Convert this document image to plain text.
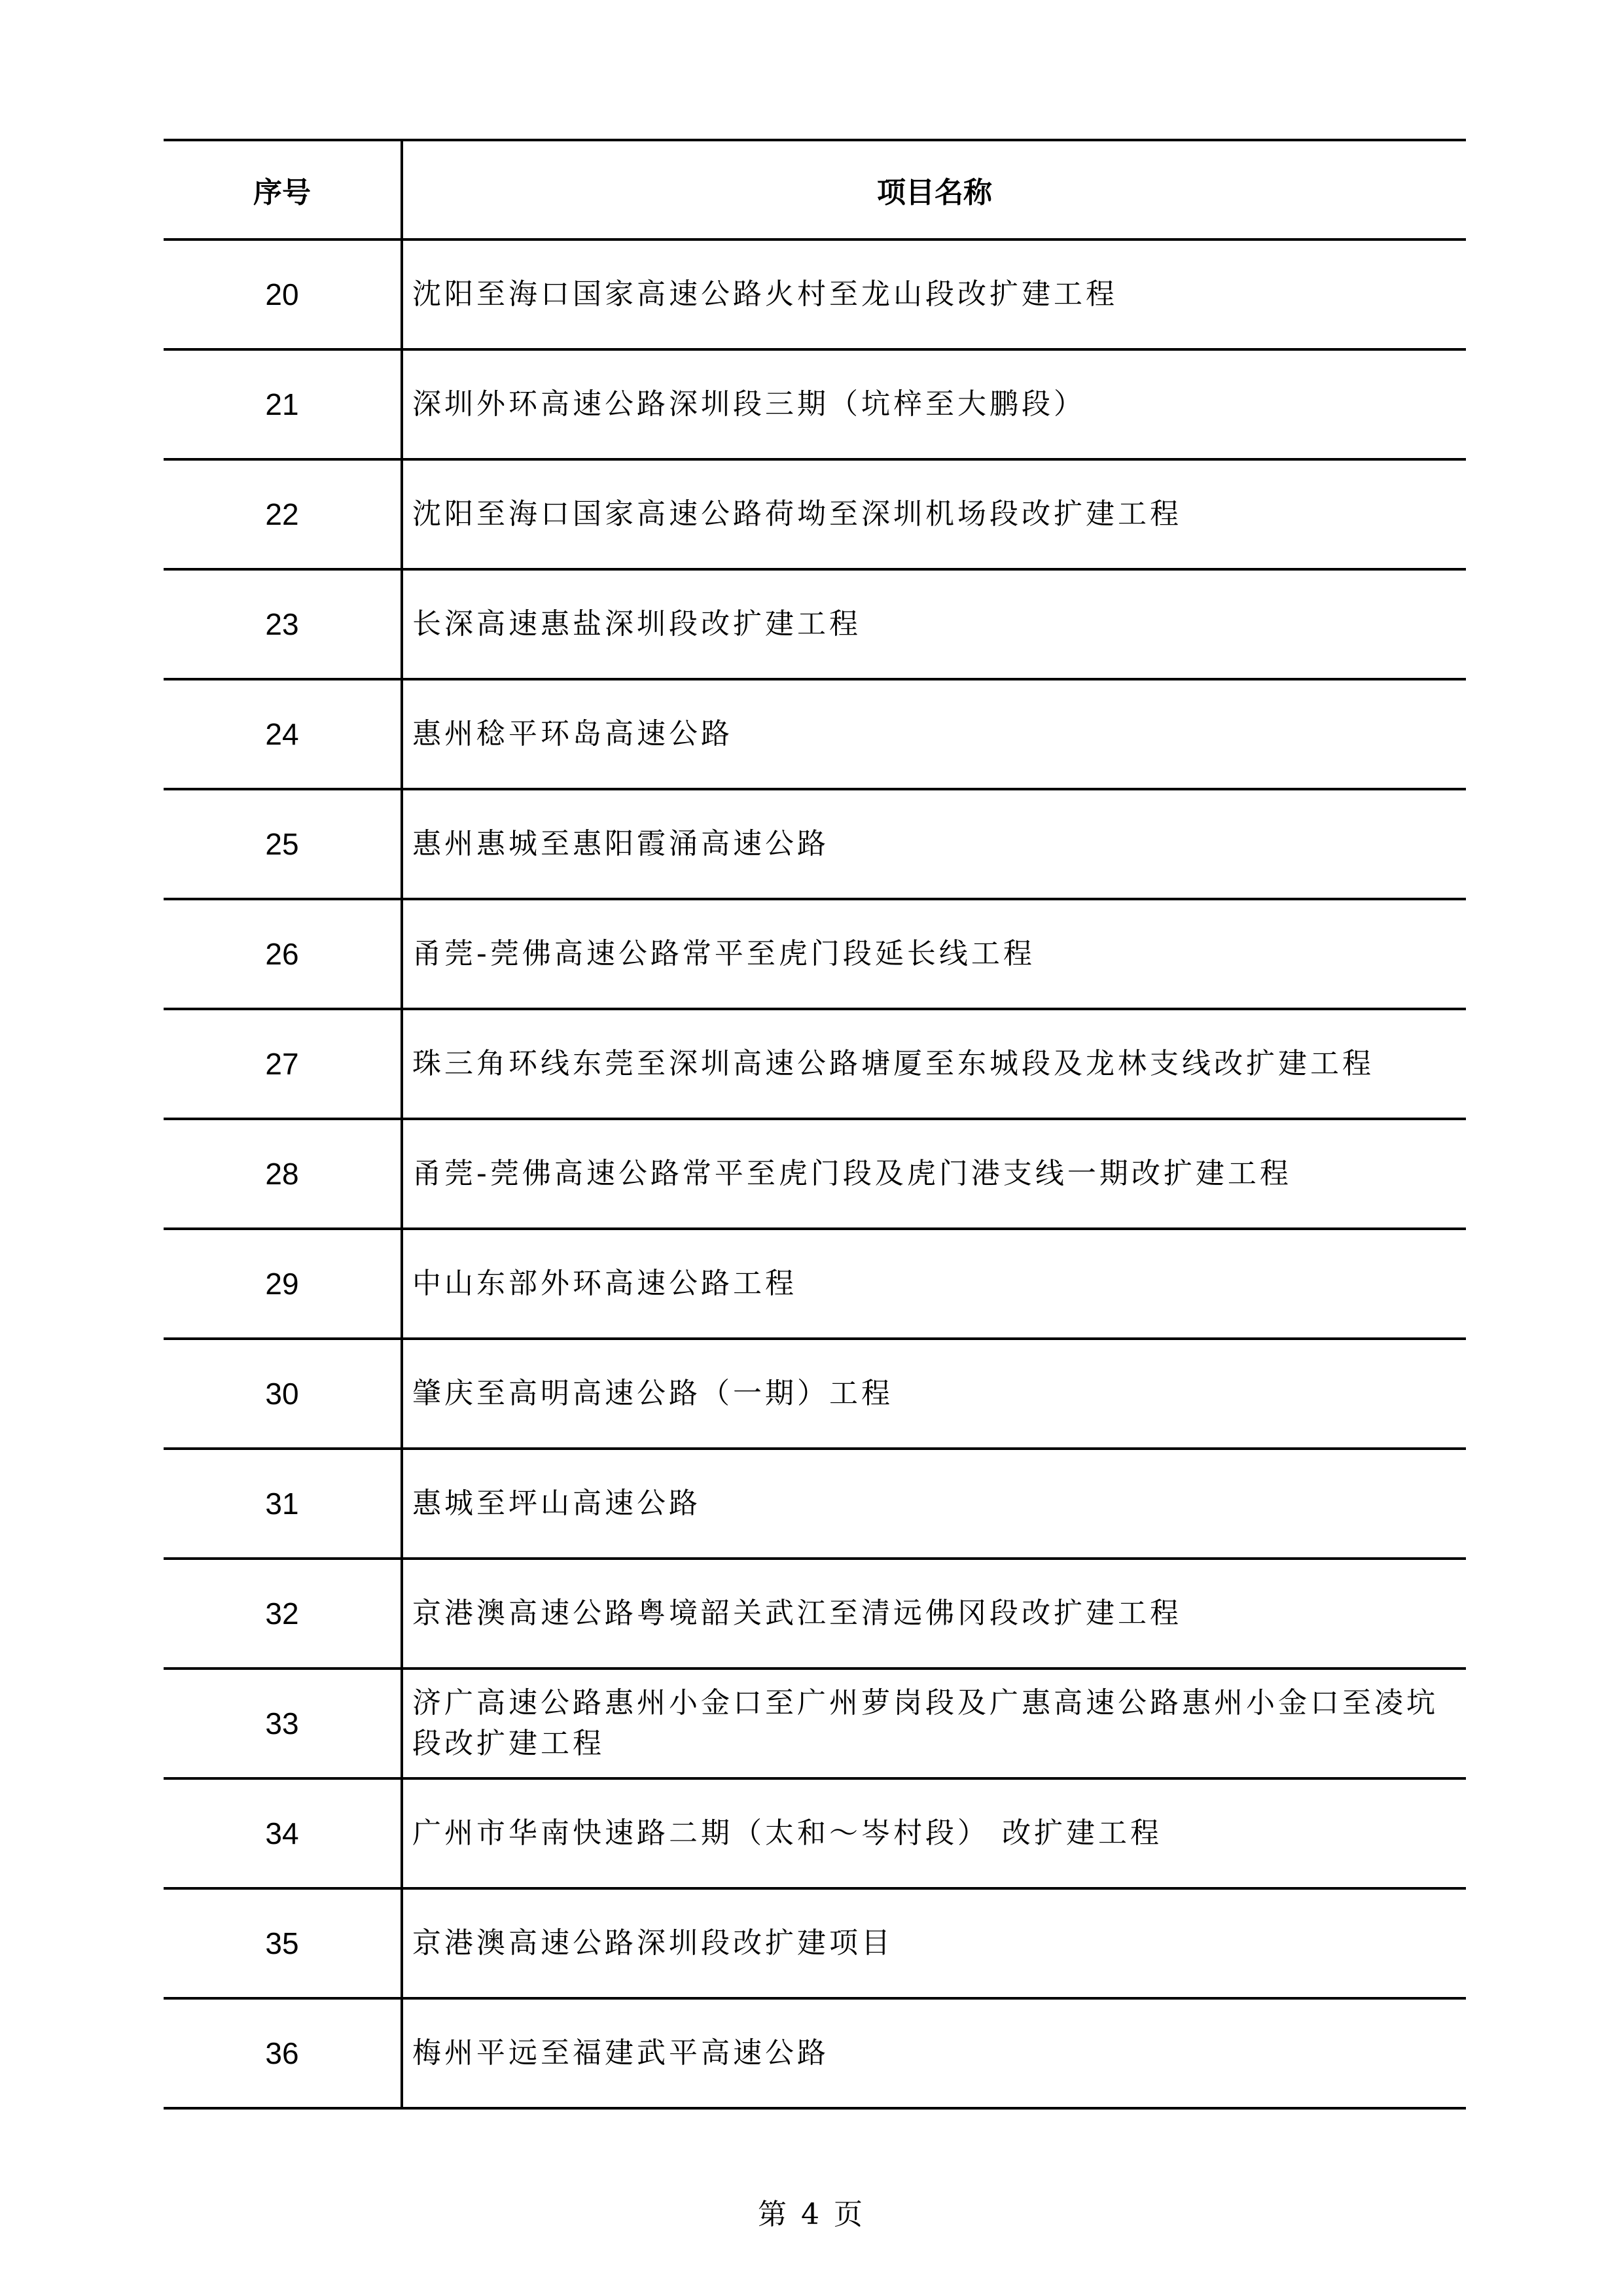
序号	项目名称
20	沈阳至海口国家高速公路火村至龙山段改扩建工程
21	深圳外环高速公路深圳段三期（坑梓至大鹏段）
22	沈阳至海口国家高速公路荷坳至深圳机场段改扩建工程
23	长深高速惠盐深圳段改扩建工程
24	惠州稔平环岛高速公路
25	惠州惠城至惠阳霞涌高速公路
26	甬莞-莞佛高速公路常平至虎门段延长线工程
27	珠三角环线东莞至深圳高速公路塘厦至东城段及龙林支线改扩建工程
28	甬莞-莞佛高速公路常平至虎门段及虎门港支线一期改扩建工程
29	中山东部外环高速公路工程
30	肇庆至高明高速公路（一期）工程
31	惠城至坪山高速公路
32	京港澳高速公路粤境韶关武江至清远佛冈段改扩建工程
33	济广高速公路惠州小金口至广州萝岗段及广惠高速公路惠州小金口至凌坑段改扩建工程
34	广州市华南快速路二期（太和～岑村段） 改扩建工程
35	京港澳高速公路深圳段改扩建项目
36	梅州平远至福建武平高速公路
第 4 页
